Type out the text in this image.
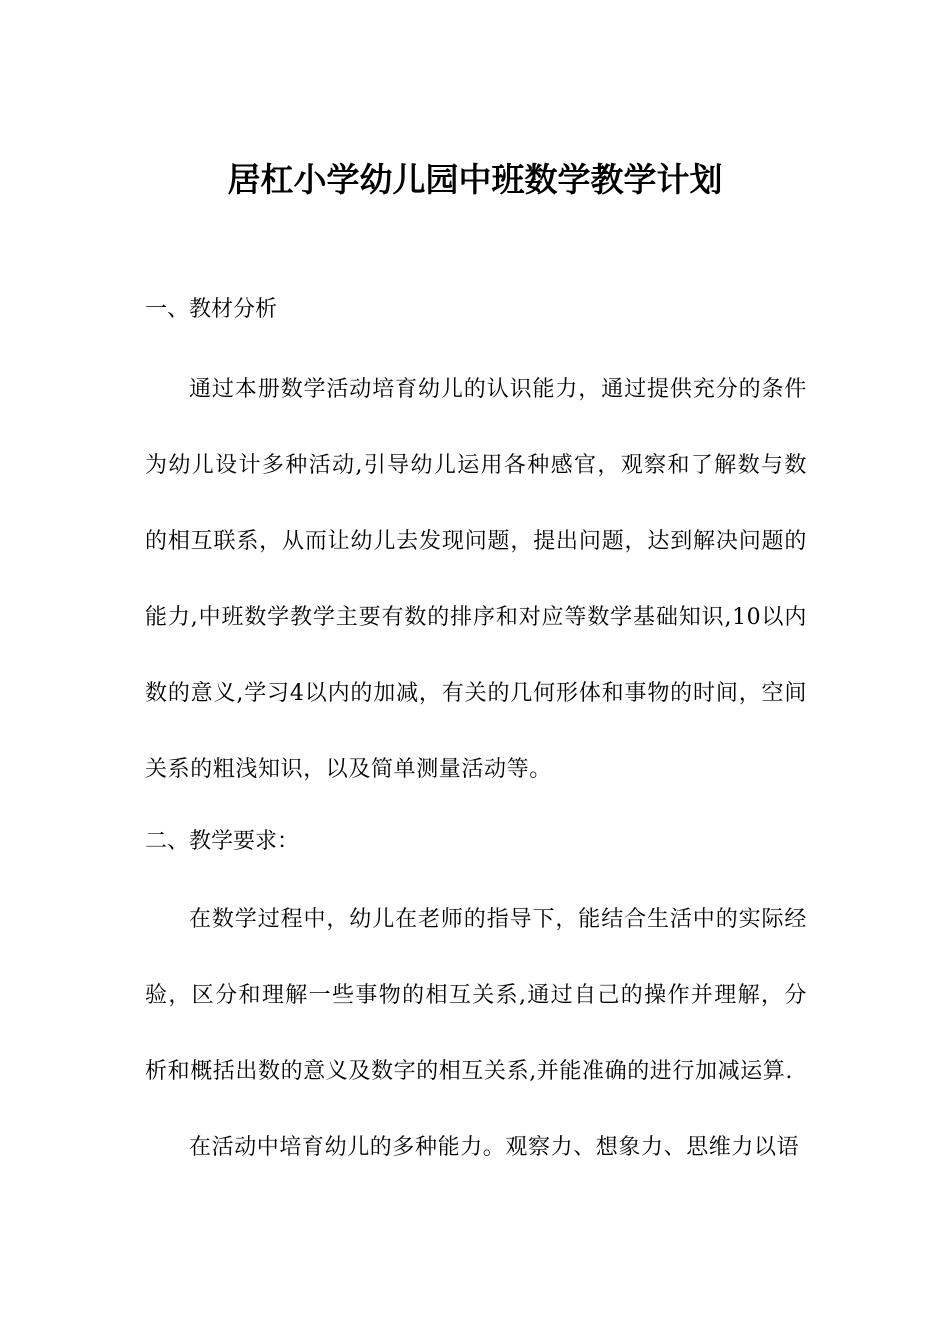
居杠小学幼儿园中班数学教学计划
一、教材分析

通过本册数学活动培育幼儿的认识能力，通过提供充分的条件为幼儿设计多种活动,引导幼儿运用各种感官，观察和了解数与数的相互联系，从而让幼儿去发现问题，提出问题，达到解决问题的能力,中班数学教学主要有数的排序和对应等数学基础知识,10以内数的意义,学习4以内的加减，有关的几何形体和事物的时间，空间关系的粗浅知识，以及简单测量活动等。

二、教学要求：

在数学过程中，幼儿在老师的指导下，能结合生活中的实际经验，区分和理解一些事物的相互关系,通过自己的操作并理解，分析和概括出数的意义及数字的相互关系,并能准确的进行加减运算.

在活动中培育幼儿的多种能力。观察力、想象力、思维力以语
